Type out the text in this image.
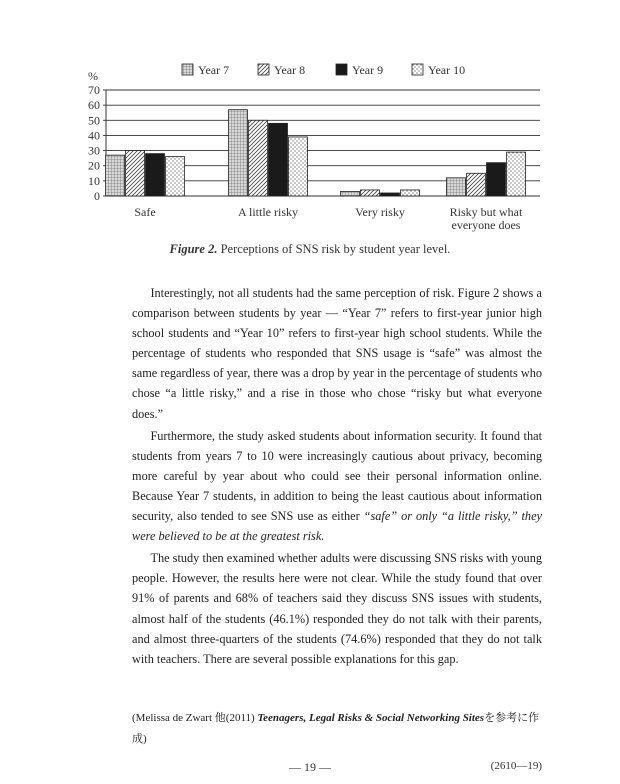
Year 7	Year 8	Year 9	Year 10
%
0
10
20
30
40
50
60
70
Safe	A little risky	Very risky	Risky but what
everyone does
Figure 2. Perceptions of SNS risk by student year level.

Interestingly, not all students had the same perception of risk. Figure 2 shows a comparison between students by year — “Year 7” refers to first-year junior high school students and “Year 10” refers to first-year high school students. While the percentage of students who responded that SNS usage is “safe” was almost the same regardless of year, there was a drop by year in the percentage of students who chose “a little risky,” and a rise in those who chose “risky but what everyone does.”

Furthermore, the study asked students about information security. It found that students from years 7 to 10 were increasingly cautious about privacy, becoming more careful by year about who could see their personal information online. Because Year 7 students, in addition to being the least cautious about information security, also tended to see SNS use as either “safe” or only “a little risky,” they were believed to be at the greatest risk.

The study then examined whether adults were discussing SNS risks with young people. However, the results here were not clear. While the study found that over 91% of parents and 68% of teachers said they discuss SNS issues with students, almost half of the students (46.1%) responded they do not talk with their parents, and almost three-quarters of the students (74.6%) responded that they do not talk with teachers. There are several possible explanations for this gap.

(Melissa de Zwart 他(2011) Teenagers, Legal Risks & Social Networking Sitesを参考に作成)
— 19 —	(2610—19)
